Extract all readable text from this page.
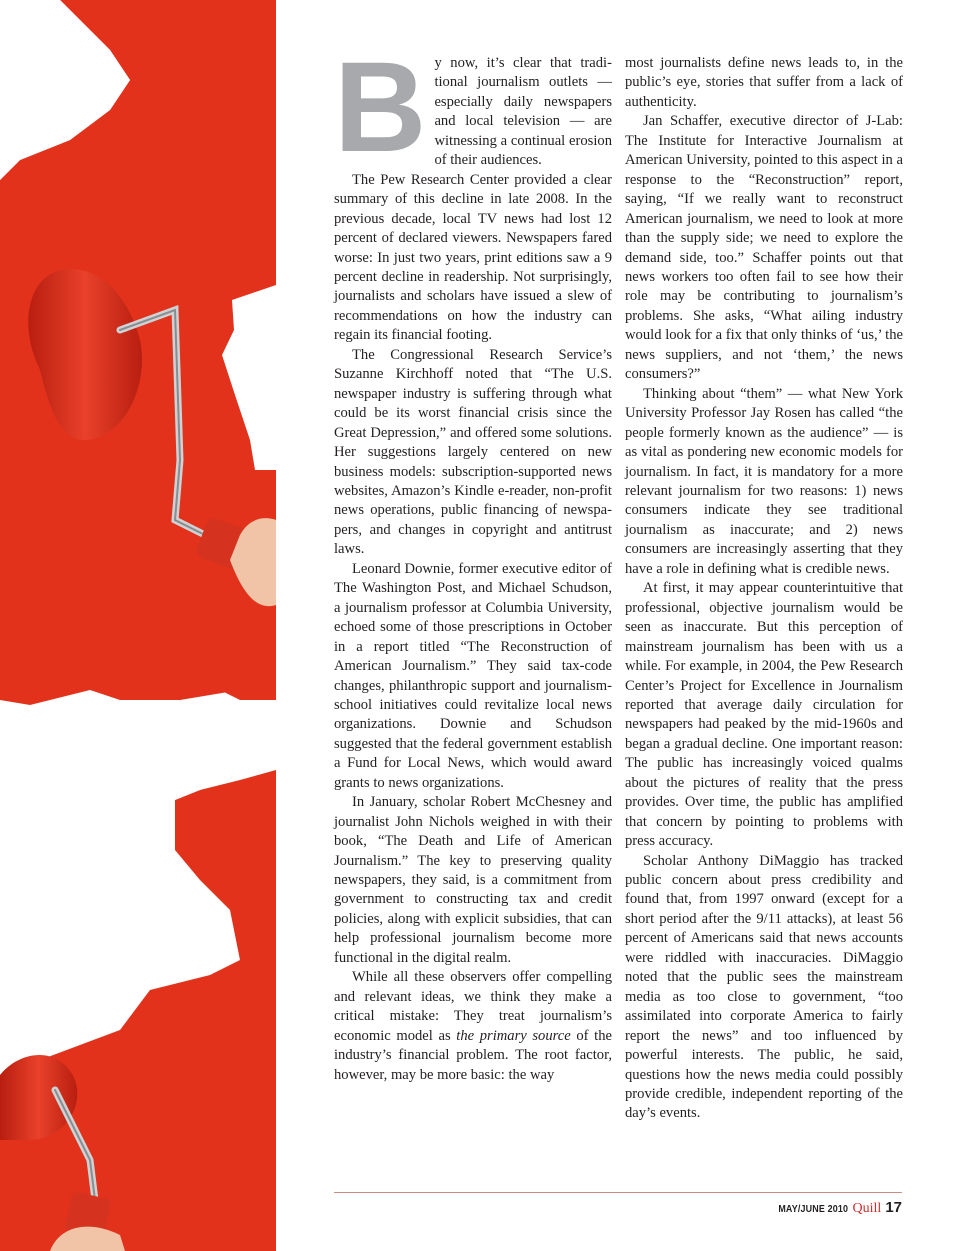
By now, it’s clear that traditional journalism outlets — especially daily newspapers and local television — are witnessing a continual erosion of their audiences.

The Pew Research Center provided a clear summary of this decline in late 2008. In the previous decade, local TV news had lost 12 percent of declared viewers. Newspapers fared worse: In just two years, print editions saw a 9 percent decline in readership. Not surprisingly, journalists and scholars have issued a slew of recommendations on how the industry can regain its financial footing.

The Congressional Research Service’s Suzanne Kirchhoff noted that “The U.S. newspaper industry is suffering through what could be its worst financial crisis since the Great Depression,” and offered some solutions. Her suggestions largely centered on new business models: subscription-supported news websites, Amazon’s Kindle e-reader, non-profit news operations, public financing of newspapers, and changes in copyright and antitrust laws.

Leonard Downie, former executive editor of The Washington Post, and Michael Schudson, a journalism professor at Columbia University, echoed some of those prescriptions in October in a report titled “The Reconstruction of American Journalism.” They said tax-code changes, philanthropic support and journalism-school initiatives could revitalize local news organizations. Downie and Schudson suggested that the federal government establish a Fund for Local News, which would award grants to news organizations.

In January, scholar Robert McChesney and journalist John Nichols weighed in with their book, “The Death and Life of American Journalism.” The key to preserving quality newspapers, they said, is a commitment from government to constructing tax and credit policies, along with explicit subsidies, that can help professional journalism become more functional in the digital realm.

While all these observers offer compelling and relevant ideas, we think they make a critical mistake: They treat journalism’s economic model as the primary source of the industry’s financial problem. The root factor, however, may be more basic: the way

most journalists define news leads to, in the public’s eye, stories that suffer from a lack of authenticity.

Jan Schaffer, executive director of J-Lab: The Institute for Interactive Journalism at American University, pointed to this aspect in a response to the “Reconstruction” report, saying, “If we really want to reconstruct American journalism, we need to look at more than the supply side; we need to explore the demand side, too.” Schaffer points out that news workers too often fail to see how their role may be contributing to journalism’s problems. She asks, “What ailing industry would look for a fix that only thinks of ‘us,’ the news suppliers, and not ‘them,’ the news consumers?”

Thinking about “them” — what New York University Professor Jay Rosen has called “the people formerly known as the audience” — is as vital as pondering new economic models for journalism. In fact, it is mandatory for a more relevant journalism for two reasons: 1) news consumers indicate they see traditional journalism as inaccurate; and 2) news consumers are increasingly asserting that they have a role in defining what is credible news.

At first, it may appear counterintuitive that professional, objective journalism would be seen as inaccurate. But this perception of mainstream journalism has been with us a while. For example, in 2004, the Pew Research Center’s Project for Excellence in Journalism reported that average daily circulation for newspapers had peaked by the mid-1960s and began a gradual decline. One important reason: The public has increasingly voiced qualms about the pictures of reality that the press provides. Over time, the public has amplified that concern by pointing to problems with press accuracy.

Scholar Anthony DiMaggio has tracked public concern about press credibility and found that, from 1997 onward (except for a short period after the 9/11 attacks), at least 56 percent of Americans said that news accounts were riddled with inaccuracies. DiMaggio noted that the public sees the mainstream media as too close to government, “too assimilated into corporate America to fairly report the news” and too influenced by powerful interests. The public, he said, questions how the news media could possibly provide credible, independent reporting of the day’s events.

MAY/JUNE 2010 Quill 17
